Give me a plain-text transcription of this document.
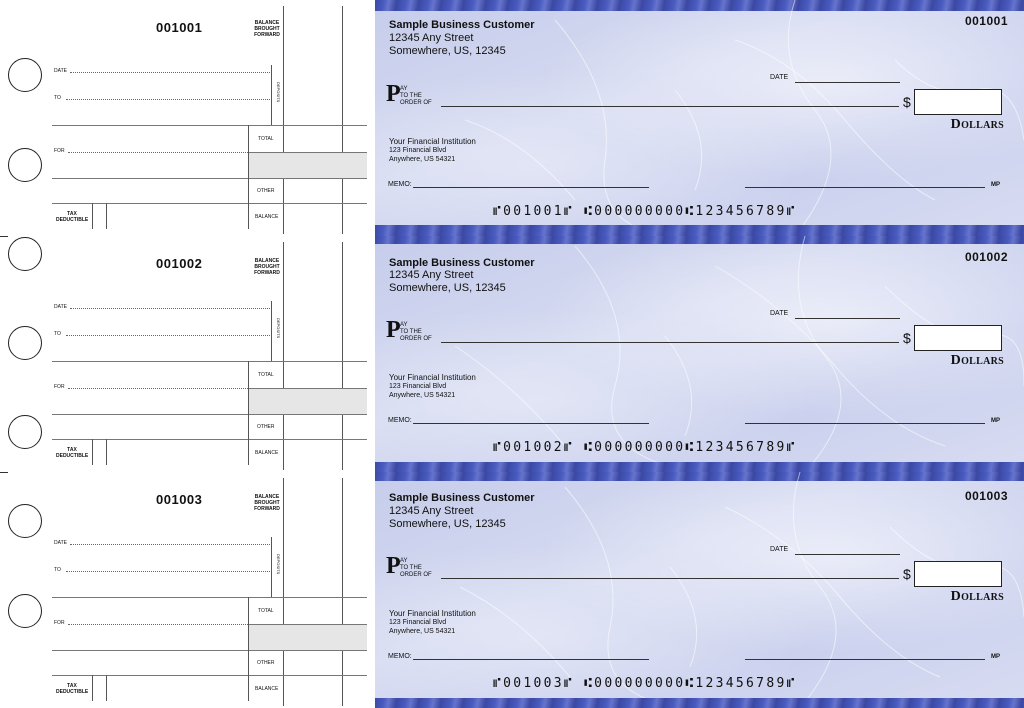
001001	BALANCE BROUGHT FORWARD
DEPOSITS
DATE
TO
TOTAL
FOR
OTHER
TAX DEDUCTIBLE	BALANCE
Sample Business Customer
12345 Any Street
Somewhere, US, 12345
001001
DATE
P AY
TO THE
ORDER OF	$
Dollars
Your Financial Institution
123 Financial Blvd
Anywhere, US 54321
MEMO:	MP
⑈001001⑈ ⑆000000000⑆123456789⑈
001002	BALANCE BROUGHT FORWARD
DEPOSITS
DATE
TO
TOTAL
FOR
OTHER
TAX DEDUCTIBLE	BALANCE
Sample Business Customer
12345 Any Street
Somewhere, US, 12345
001002
DATE
P AY
TO THE
ORDER OF	$
Dollars
Your Financial Institution
123 Financial Blvd
Anywhere, US 54321
MEMO:	MP
⑈001002⑈ ⑆000000000⑆123456789⑈
001003	BALANCE BROUGHT FORWARD
DEPOSITS
DATE
TO
TOTAL
FOR
OTHER
TAX DEDUCTIBLE	BALANCE
Sample Business Customer
12345 Any Street
Somewhere, US, 12345
001003
DATE
P AY
TO THE
ORDER OF	$
Dollars
Your Financial Institution
123 Financial Blvd
Anywhere, US 54321
MEMO:	MP
⑈001003⑈ ⑆000000000⑆123456789⑈
